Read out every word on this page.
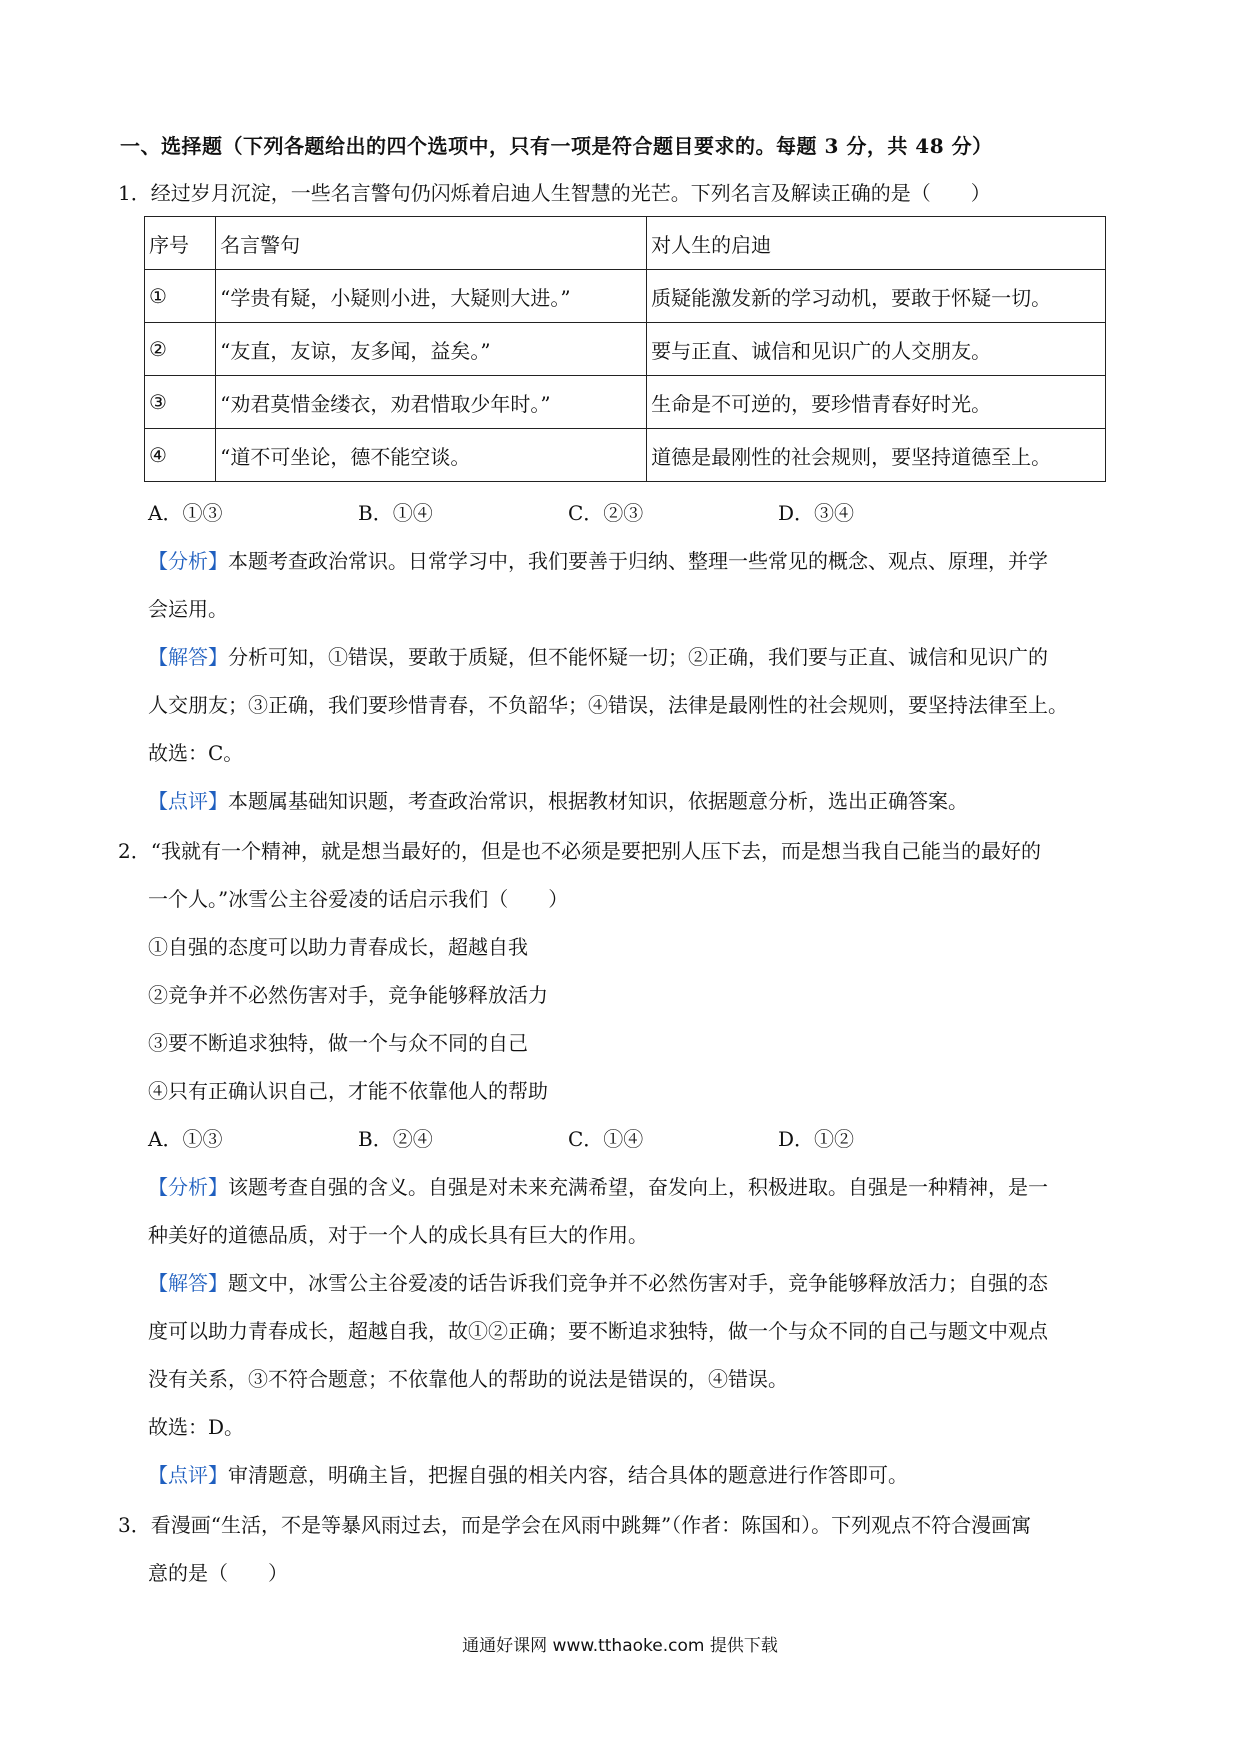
一、选择题（下列各题给出的四个选项中，只有一项是符合题目要求的。每题 3 分，共 48 分）
1．经过岁月沉淀，一些名言警句仍闪烁着启迪人生智慧的光芒。下列名言及解读正确的是（　　）
序号	名言警句	对人生的启迪
①	“学贵有疑，小疑则小进，大疑则大进。”	质疑能激发新的学习动机，要敢于怀疑一切。
②	“友直，友谅，友多闻，益矣。”	要与正直、诚信和见识广的人交朋友。
③	“劝君莫惜金缕衣，劝君惜取少年时。”	生命是不可逆的，要珍惜青春好时光。
④	“道不可坐论，德不能空谈。	道德是最刚性的社会规则，要坚持道德至上。
A．①③	B．①④	C．②③	D．③④
【分析】本题考查政治常识。日常学习中，我们要善于归纳、整理一些常见的概念、观点、原理，并学
会运用。
【解答】分析可知，①错误，要敢于质疑，但不能怀疑一切；②正确，我们要与正直、诚信和见识广的
人交朋友；③正确，我们要珍惜青春，不负韶华；④错误，法律是最刚性的社会规则，要坚持法律至上。
故选：C。
【点评】本题属基础知识题，考查政治常识，根据教材知识，依据题意分析，选出正确答案。
2．“我就有一个精神，就是想当最好的，但是也不必须是要把别人压下去，而是想当我自己能当的最好的
一个人。”冰雪公主谷爱凌的话启示我们（　　）
①自强的态度可以助力青春成长，超越自我
②竞争并不必然伤害对手，竞争能够释放活力
③要不断追求独特，做一个与众不同的自己
④只有正确认识自己，才能不依靠他人的帮助
A．①③	B．②④	C．①④	D．①②
【分析】该题考查自强的含义。自强是对未来充满希望，奋发向上，积极进取。自强是一种精神，是一
种美好的道德品质，对于一个人的成长具有巨大的作用。
【解答】题文中，冰雪公主谷爱凌的话告诉我们竞争并不必然伤害对手，竞争能够释放活力；自强的态
度可以助力青春成长，超越自我，故①②正确；要不断追求独特，做一个与众不同的自己与题文中观点
没有关系，③不符合题意；不依靠他人的帮助的说法是错误的，④错误。
故选：D。
【点评】审清题意，明确主旨，把握自强的相关内容，结合具体的题意进行作答即可。
3．看漫画“生活，不是等暴风雨过去，而是学会在风雨中跳舞”（作者：陈国和）。下列观点不符合漫画寓
意的是（　　）
通通好课网 www.tthaoke.com 提供下载
